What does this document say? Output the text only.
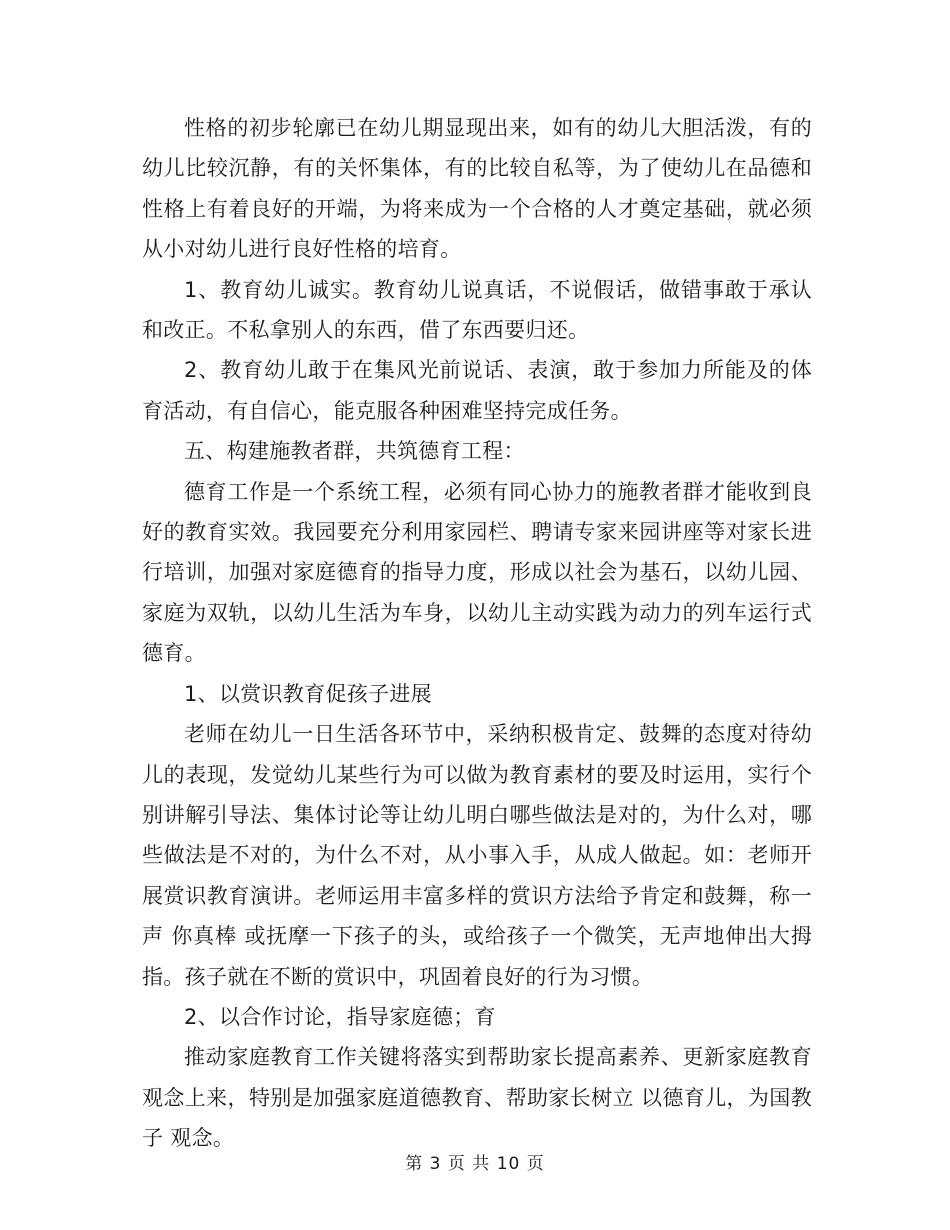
性格的初步轮廓已在幼儿期显现出来，如有的幼儿大胆活泼，有的幼儿比较沉静，有的关怀集体，有的比较自私等，为了使幼儿在品德和性格上有着良好的开端，为将来成为一个合格的人才奠定基础，就必须从小对幼儿进行良好性格的培育。

1、教育幼儿诚实。教育幼儿说真话，不说假话，做错事敢于承认和改正。不私拿别人的东西，借了东西要归还。

2、教育幼儿敢于在集风光前说话、表演，敢于参加力所能及的体育活动，有自信心，能克服各种困难坚持完成任务。

五、构建施教者群，共筑德育工程：

德育工作是一个系统工程，必须有同心协力的施教者群才能收到良好的教育实效。我园要充分利用家园栏、聘请专家来园讲座等对家长进行培训，加强对家庭德育的指导力度，形成以社会为基石，以幼儿园、家庭为双轨，以幼儿生活为车身，以幼儿主动实践为动力的列车运行式德育。

1、以赏识教育促孩子进展

老师在幼儿一日生活各环节中，采纳积极肯定、鼓舞的态度对待幼儿的表现，发觉幼儿某些行为可以做为教育素材的要及时运用，实行个别讲解引导法、集体讨论等让幼儿明白哪些做法是对的，为什么对，哪些做法是不对的，为什么不对，从小事入手，从成人做起。如：老师开展赏识教育演讲。老师运用丰富多样的赏识方法给予肯定和鼓舞，称一声 你真棒 或抚摩一下孩子的头，或给孩子一个微笑，无声地伸出大拇指。孩子就在不断的赏识中，巩固着良好的行为习惯。

2、以合作讨论，指导家庭德；育

推动家庭教育工作关键将落实到帮助家长提高素养、更新家庭教育观念上来，特别是加强家庭道德教育、帮助家长树立 以德育儿，为国教子 观念。

第 3 页 共 10 页
